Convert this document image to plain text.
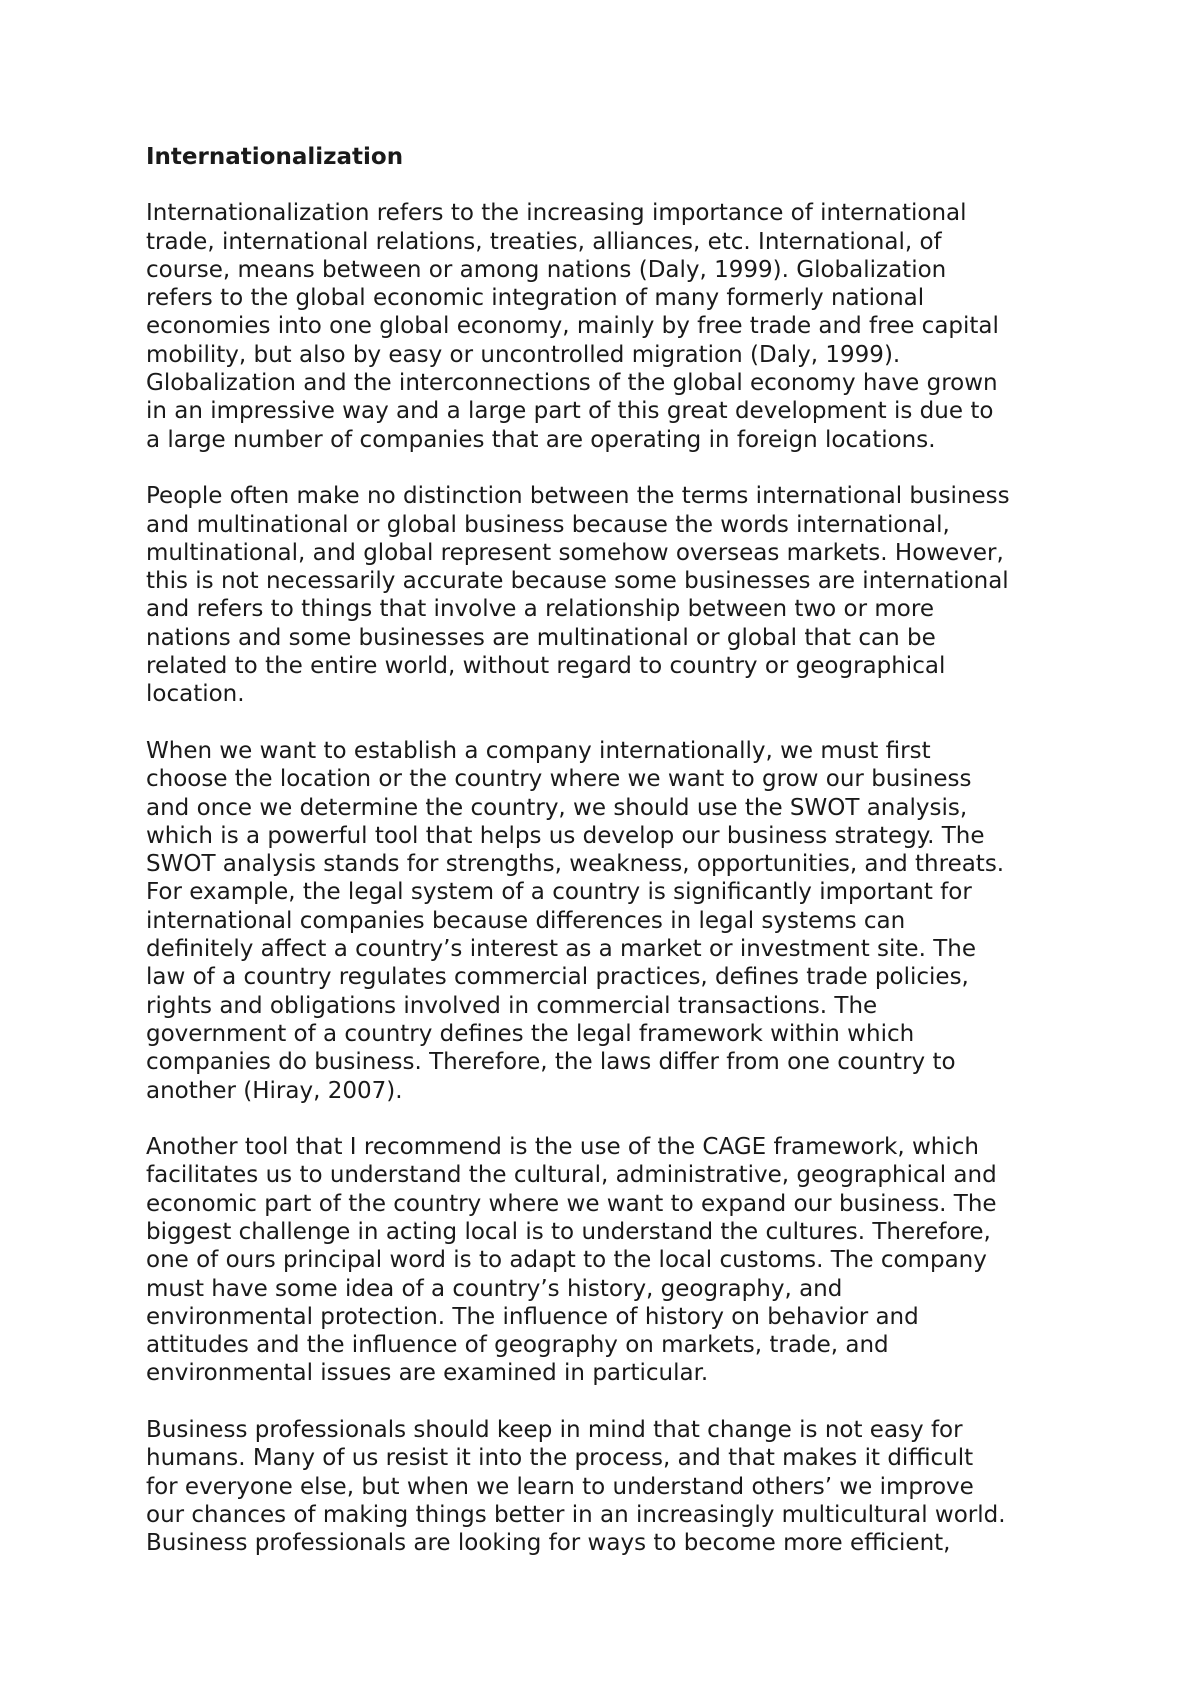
Internationalization

Internationalization refers to the increasing importance of international
trade, international relations, treaties, alliances, etc. International, of
course, means between or among nations (Daly, 1999). Globalization
refers to the global economic integration of many formerly national
economies into one global economy, mainly by free trade and free capital
mobility, but also by easy or uncontrolled migration (Daly, 1999).
Globalization and the interconnections of the global economy have grown
in an impressive way and a large part of this great development is due to
a large number of companies that are operating in foreign locations.

People often make no distinction between the terms international business
and multinational or global business because the words international,
multinational, and global represent somehow overseas markets. However,
this is not necessarily accurate because some businesses are international
and refers to things that involve a relationship between two or more
nations and some businesses are multinational or global that can be
related to the entire world, without regard to country or geographical
location.

When we want to establish a company internationally, we must first
choose the location or the country where we want to grow our business
and once we determine the country, we should use the SWOT analysis,
which is a powerful tool that helps us develop our business strategy. The
SWOT analysis stands for strengths, weakness, opportunities, and threats.
For example, the legal system of a country is significantly important for
international companies because differences in legal systems can
definitely affect a country’s interest as a market or investment site. The
law of a country regulates commercial practices, defines trade policies,
rights and obligations involved in commercial transactions. The
government of a country defines the legal framework within which
companies do business. Therefore, the laws differ from one country to
another (Hiray, 2007).

Another tool that I recommend is the use of the CAGE framework, which
facilitates us to understand the cultural, administrative, geographical and
economic part of the country where we want to expand our business. The
biggest challenge in acting local is to understand the cultures. Therefore,
one of ours principal word is to adapt to the local customs. The company
must have some idea of a country’s history, geography, and
environmental protection. The influence of history on behavior and
attitudes and the influence of geography on markets, trade, and
environmental issues are examined in particular.

Business professionals should keep in mind that change is not easy for
humans. Many of us resist it into the process, and that makes it difficult
for everyone else, but when we learn to understand others’ we improve
our chances of making things better in an increasingly multicultural world.
Business professionals are looking for ways to become more efficient,
